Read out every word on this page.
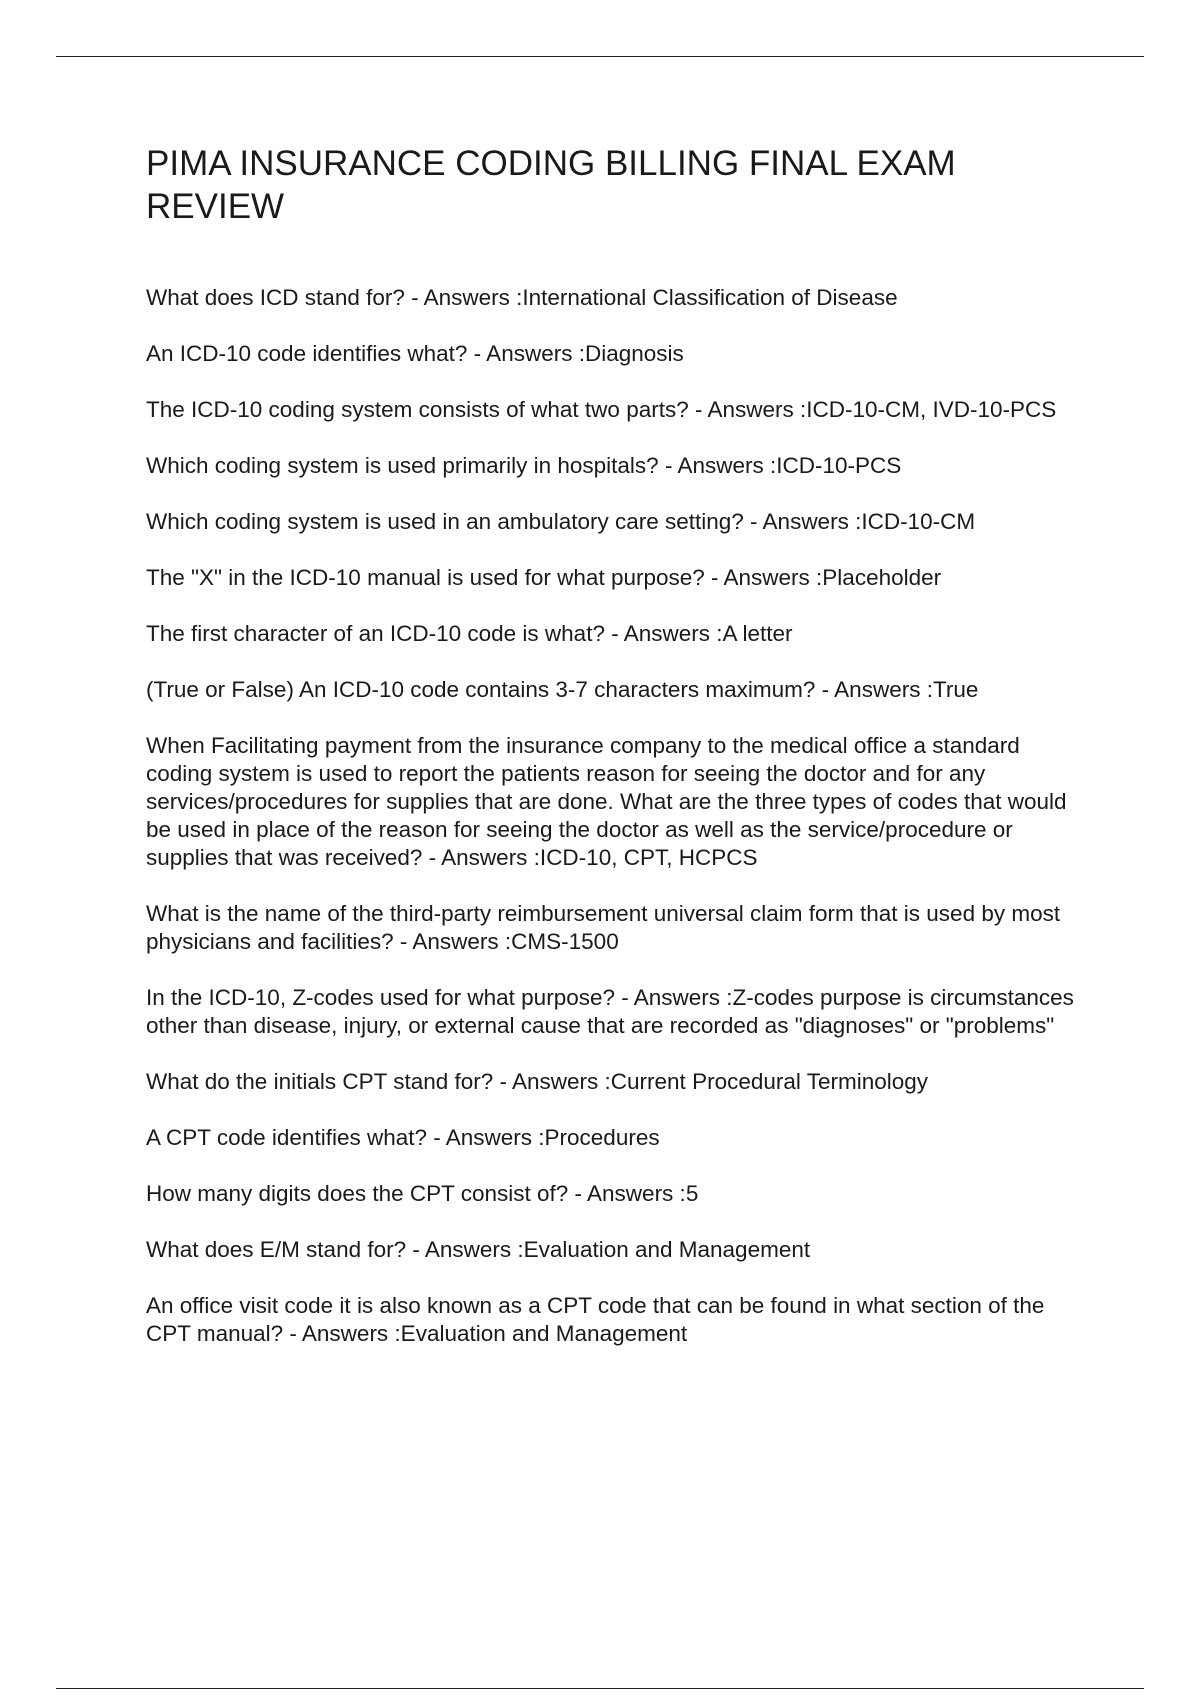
PIMA INSURANCE CODING BILLING FINAL EXAM REVIEW
What does ICD stand for? - Answers :International Classification of Disease
An ICD-10 code identifies what? - Answers :Diagnosis
The ICD-10 coding system consists of what two parts? - Answers :ICD-10-CM, IVD-10-PCS
Which coding system is used primarily in hospitals? - Answers :ICD-10-PCS
Which coding system is used in an ambulatory care setting? - Answers :ICD-10-CM
The "X" in the ICD-10 manual is used for what purpose? - Answers :Placeholder
The first character of an ICD-10 code is what? - Answers :A letter
(True or False) An ICD-10 code contains 3-7 characters maximum? - Answers :True
When Facilitating payment from the insurance company to the medical office a standard coding system is used to report the patients reason for seeing the doctor and for any services/procedures for supplies that are done. What are the three types of codes that would be used in place of the reason for seeing the doctor as well as the service/procedure or supplies that was received? - Answers :ICD-10, CPT, HCPCS
What is the name of the third-party reimbursement universal claim form that is used by most physicians and facilities? - Answers :CMS-1500
In the ICD-10, Z-codes used for what purpose? - Answers :Z-codes purpose is circumstances other than disease, injury, or external cause that are recorded as "diagnoses" or "problems"
What do the initials CPT stand for? - Answers :Current Procedural Terminology
A CPT code identifies what? - Answers :Procedures
How many digits does the CPT consist of? - Answers :5
What does E/M stand for? - Answers :Evaluation and Management
An office visit code it is also known as a CPT code that can be found in what section of the CPT manual? - Answers :Evaluation and Management
